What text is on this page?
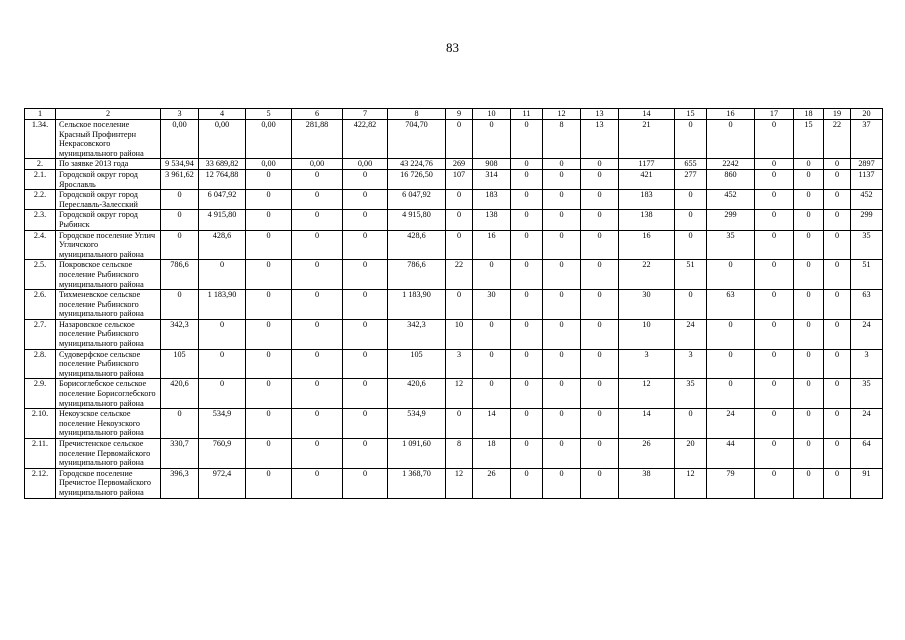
83
1	2	3	4	5	6	7	8	9	10	11	12	13	14	15	16	17	18	19	20
1.34.	Сельское поселение Красный Профинтерн Некрасовского муниципального района	0,00	0,00	0,00	281,88	422,82	704,70	0	0	0	8	13	21	0	0	0	15	22	37
2.	По заявке 2013 года	9 534,94	33 689,82	0,00	0,00	0,00	43 224,76	269	908	0	0	0	1177	655	2242	0	0	0	2897
2.1.	Городской округ город Ярославль	3 961,62	12 764,88	0	0	0	16 726,50	107	314	0	0	0	421	277	860	0	0	0	1137
2.2.	Городской округ город Переславль-Залесский	0	6 047,92	0	0	0	6 047,92	0	183	0	0	0	183	0	452	0	0	0	452
2.3.	Городской округ город Рыбинск	0	4 915,80	0	0	0	4 915,80	0	138	0	0	0	138	0	299	0	0	0	299
2.4.	Городское поселение Углич Угличского муниципального района	0	428,6	0	0	0	428,6	0	16	0	0	0	16	0	35	0	0	0	35
2.5.	Покровское сельское поселение Рыбинского муниципального района	786,6	0	0	0	0	786,6	22	0	0	0	0	22	51	0	0	0	0	51
2.6.	Тихменевское сельское поселение Рыбинского муниципального района	0	1 183,90	0	0	0	1 183,90	0	30	0	0	0	30	0	63	0	0	0	63
2.7.	Назаровское сельское поселение Рыбинского муниципального района	342,3	0	0	0	0	342,3	10	0	0	0	0	10	24	0	0	0	0	24
2.8.	Судоверфское сельское поселение Рыбинского муниципального района	105	0	0	0	0	105	3	0	0	0	0	3	3	0	0	0	0	3
2.9.	Борисоглебское сельское поселение Борисоглебского муниципального района	420,6	0	0	0	0	420,6	12	0	0	0	0	12	35	0	0	0	0	35
2.10.	Некоузское сельское поселение Некоузского муниципального района	0	534,9	0	0	0	534,9	0	14	0	0	0	14	0	24	0	0	0	24
2.11.	Пречистенское сельское поселение Первомайского муниципального района	330,7	760,9	0	0	0	1 091,60	8	18	0	0	0	26	20	44	0	0	0	64
2.12.	Городское поселение Пречистое Первомайского муниципального района	396,3	972,4	0	0	0	1 368,70	12	26	0	0	0	38	12	79	0	0	0	91
